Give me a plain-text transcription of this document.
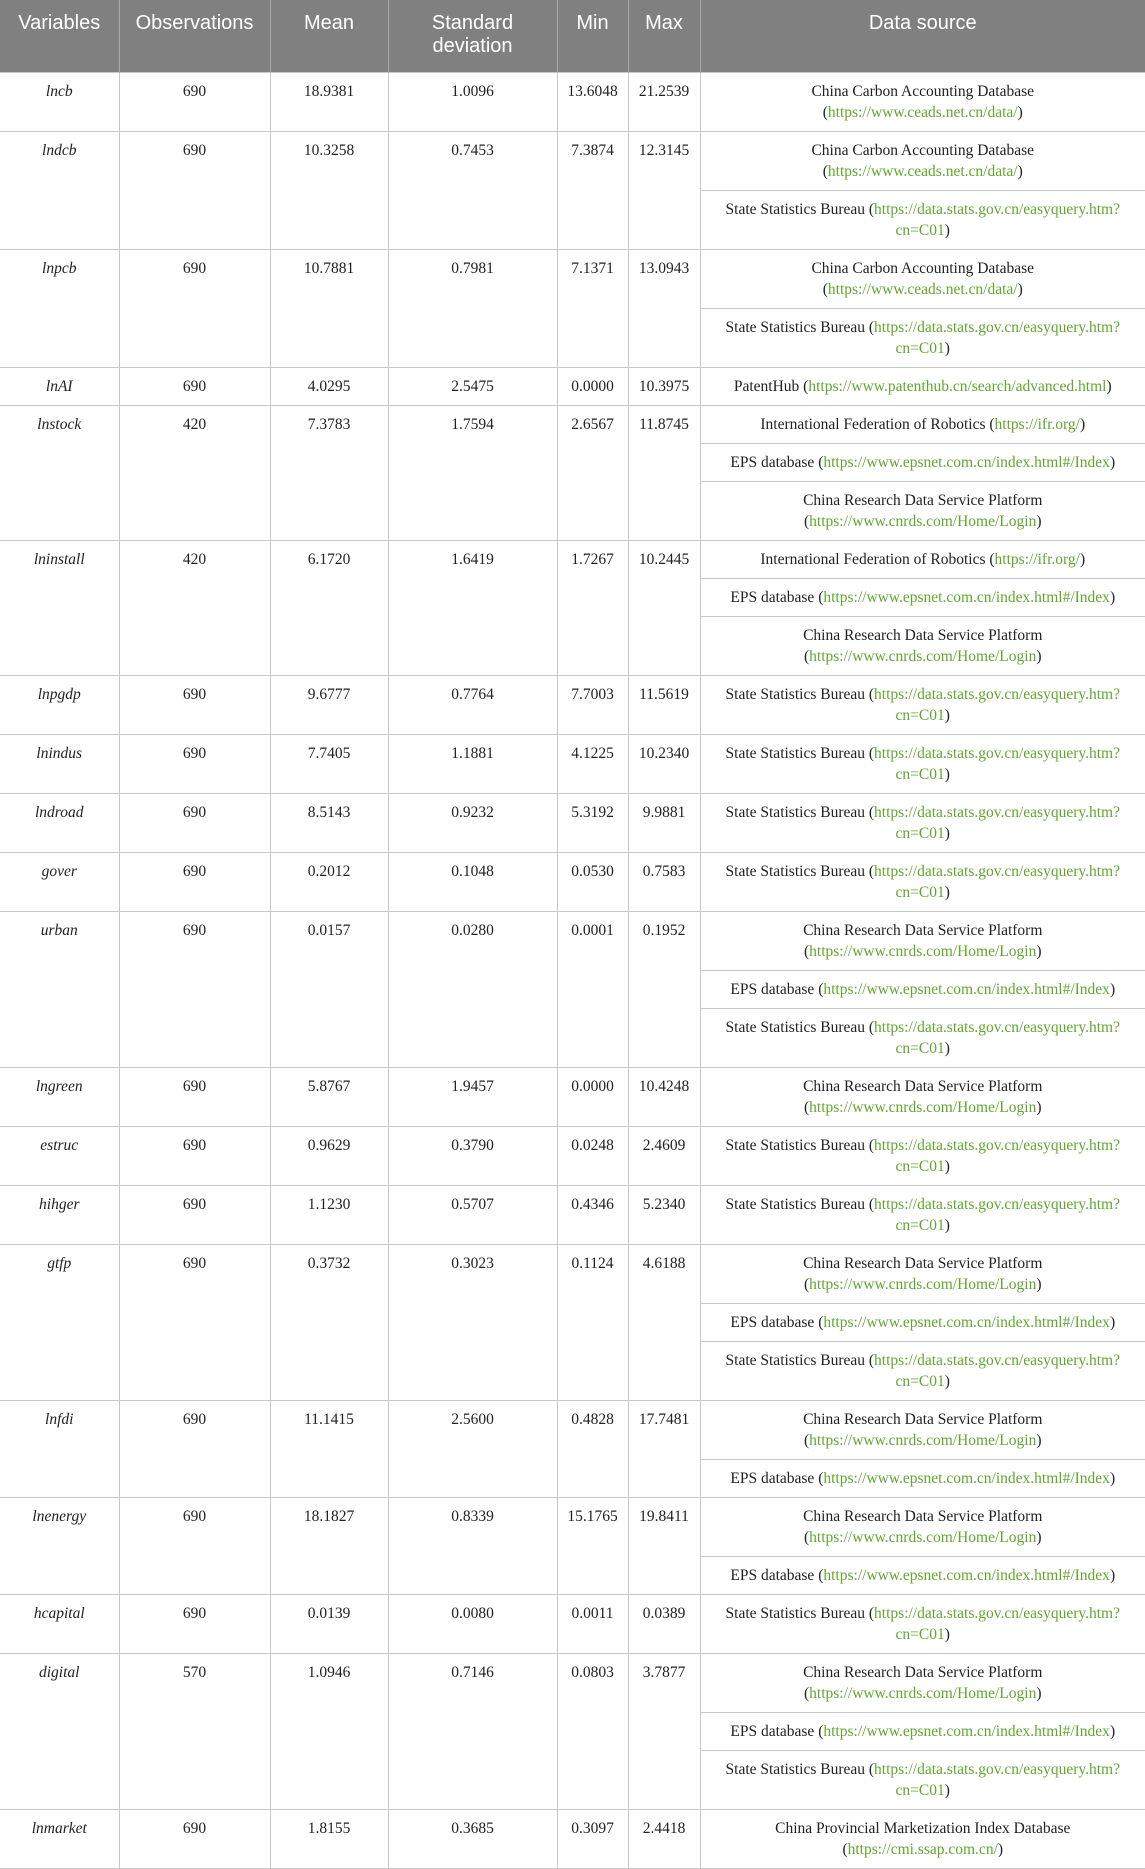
Variables	Observations	Mean	Standard deviation	Min	Max	Data source
lncb	690	18.9381	1.0096	13.6048	21.2539	China Carbon Accounting Database (https://www.ceads.net.cn/data/)
lndcb	690	10.3258	0.7453	7.3874	12.3145	China Carbon Accounting Database (https://www.ceads.net.cn/data/)
						State Statistics Bureau (https://data.stats.gov.cn/easyquery.htm?cn=C01)
lnpcb	690	10.7881	0.7981	7.1371	13.0943	China Carbon Accounting Database (https://www.ceads.net.cn/data/)
						State Statistics Bureau (https://data.stats.gov.cn/easyquery.htm?cn=C01)
lnAI	690	4.0295	2.5475	0.0000	10.3975	PatentHub (https://www.patenthub.cn/search/advanced.html)
lnstock	420	7.3783	1.7594	2.6567	11.8745	International Federation of Robotics (https://ifr.org/)
						EPS database (https://www.epsnet.com.cn/index.html#/Index)
						China Research Data Service Platform (https://www.cnrds.com/Home/Login)
lninstall	420	6.1720	1.6419	1.7267	10.2445	International Federation of Robotics (https://ifr.org/)
						EPS database (https://www.epsnet.com.cn/index.html#/Index)
						China Research Data Service Platform (https://www.cnrds.com/Home/Login)
lnpgdp	690	9.6777	0.7764	7.7003	11.5619	State Statistics Bureau (https://data.stats.gov.cn/easyquery.htm?cn=C01)
lnindus	690	7.7405	1.1881	4.1225	10.2340	State Statistics Bureau (https://data.stats.gov.cn/easyquery.htm?cn=C01)
lndroad	690	8.5143	0.9232	5.3192	9.9881	State Statistics Bureau (https://data.stats.gov.cn/easyquery.htm?cn=C01)
gover	690	0.2012	0.1048	0.0530	0.7583	State Statistics Bureau (https://data.stats.gov.cn/easyquery.htm?cn=C01)
urban	690	0.0157	0.0280	0.0001	0.1952	China Research Data Service Platform (https://www.cnrds.com/Home/Login)
						EPS database (https://www.epsnet.com.cn/index.html#/Index)
						State Statistics Bureau (https://data.stats.gov.cn/easyquery.htm?cn=C01)
lngreen	690	5.8767	1.9457	0.0000	10.4248	China Research Data Service Platform (https://www.cnrds.com/Home/Login)
estruc	690	0.9629	0.3790	0.0248	2.4609	State Statistics Bureau (https://data.stats.gov.cn/easyquery.htm?cn=C01)
hihger	690	1.1230	0.5707	0.4346	5.2340	State Statistics Bureau (https://data.stats.gov.cn/easyquery.htm?cn=C01)
gtfp	690	0.3732	0.3023	0.1124	4.6188	China Research Data Service Platform (https://www.cnrds.com/Home/Login)
						EPS database (https://www.epsnet.com.cn/index.html#/Index)
						State Statistics Bureau (https://data.stats.gov.cn/easyquery.htm?cn=C01)
lnfdi	690	11.1415	2.5600	0.4828	17.7481	China Research Data Service Platform (https://www.cnrds.com/Home/Login)
						EPS database (https://www.epsnet.com.cn/index.html#/Index)
lnenergy	690	18.1827	0.8339	15.1765	19.8411	China Research Data Service Platform (https://www.cnrds.com/Home/Login)
						EPS database (https://www.epsnet.com.cn/index.html#/Index)
hcapital	690	0.0139	0.0080	0.0011	0.0389	State Statistics Bureau (https://data.stats.gov.cn/easyquery.htm?cn=C01)
digital	570	1.0946	0.7146	0.0803	3.7877	China Research Data Service Platform (https://www.cnrds.com/Home/Login)
						EPS database (https://www.epsnet.com.cn/index.html#/Index)
						State Statistics Bureau (https://data.stats.gov.cn/easyquery.htm?cn=C01)
lnmarket	690	1.8155	0.3685	0.3097	2.4418	China Provincial Marketization Index Database (https://cmi.ssap.com.cn/)
